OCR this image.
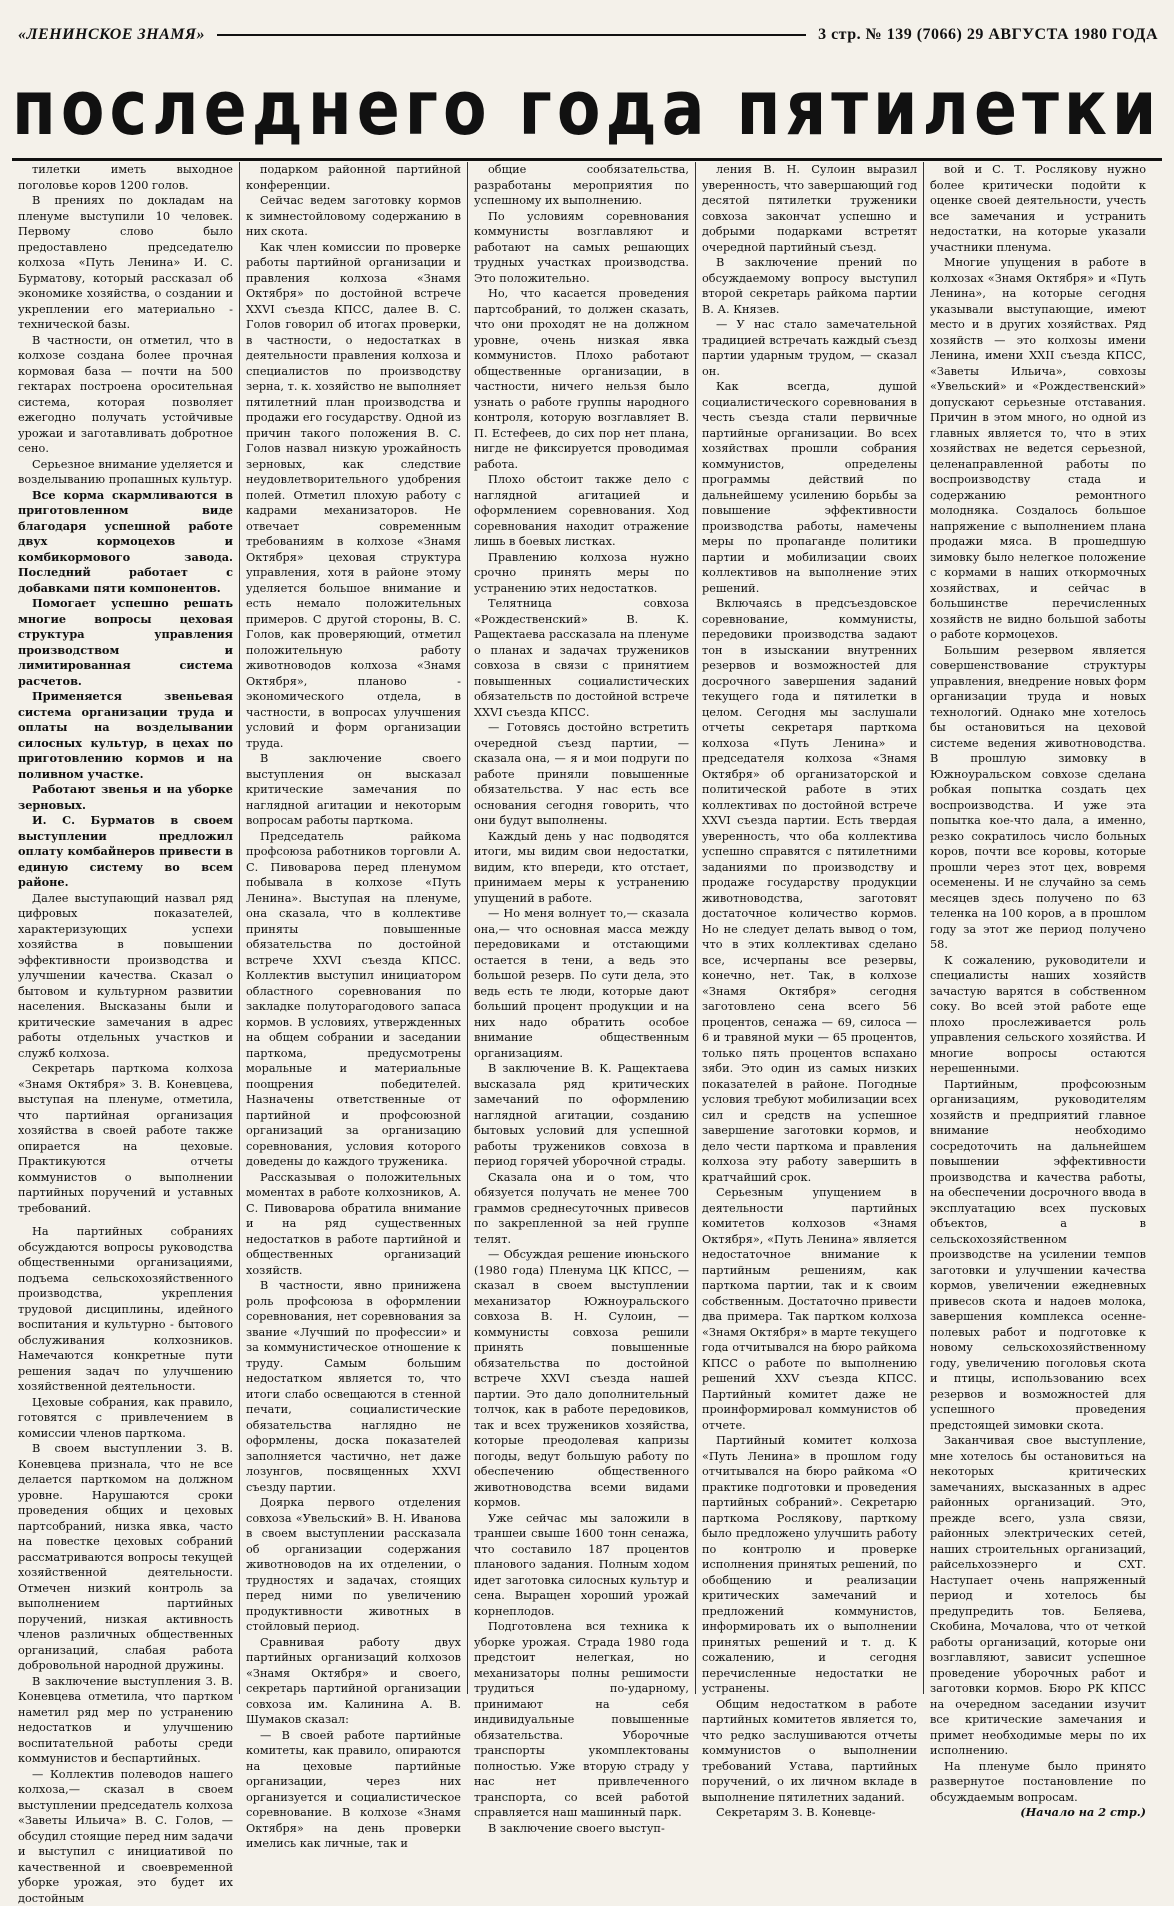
«ЛЕНИНСКОЕ ЗНАМЯ»	3 стр. № 139 (7066) 29 АВГУСТА 1980 ГОДА
последнего года пятилетки

тилетки иметь выходное поголовье коров 1200 голов.

В прениях по докладам на пленуме выступили 10 человек. Первому слово было предоставлено председателю колхоза «Путь Ленина» И. С. Бурматову, который рассказал об экономике хозяйства, о создании и укреплении его материально - технической базы.

В частности, он отметил, что в колхозе создана более прочная кормовая база — почти на 500 гектарах построена оросительная система, которая позволяет ежегодно получать устойчивые урожаи и заготавливать добротное сено.

Серьезное внимание уделяется и возделыванию пропашных культур.

Все корма скармливаются в приготовленном виде благодаря успешной работе двух кормоцехов и комбикормового завода. Последний работает с добавками пяти компонентов.

Помогает успешно решать многие вопросы цеховая структура управления производством и лимитированная система расчетов.

Применяется звеньевая система организации труда и оплаты на возделывании силосных культур, в цехах по приготовлению кормов и на поливном участке.

Работают звенья и на уборке зерновых.

И. С. Бурматов в своем выступлении предложил оплату комбайнеров привести в единую систему во всем районе.

Далее выступающий назвал ряд цифровых показателей, характеризующих успехи хозяйства в повышении эффективности производства и улучшении качества. Сказал о бытовом и культурном развитии населения. Высказаны были и критические замечания в адрес работы отдельных участков и служб колхоза.

Секретарь парткома колхоза «Знамя Октября» З. В. Коневцева, выступая на пленуме, отметила, что партийная организация хозяйства в своей работе также опирается на цеховые. Практикуются отчеты коммунистов о выполнении партийных поручений и уставных требований.

На партийных собраниях обсуждаются вопросы руководства общественными организациями, подъема сельскохозяйственного производства, укрепления трудовой дисциплины, идейного воспитания и культурно - бытового обслуживания колхозников. Намечаются конкретные пути решения задач по улучшению хозяйственной деятельности.

Цеховые собрания, как правило, готовятся с привлечением в комиссии членов парткома.

В своем выступлении З. В. Коневцева признала, что не все делается парткомом на должном уровне. Нарушаются сроки проведения общих и цеховых партсобраний, низка явка, часто на повестке цеховых собраний рассматриваются вопросы текущей хозяйственной деятельности. Отмечен низкий контроль за выполнением партийных поручений, низкая активность членов различных общественных организаций, слабая работа добровольной народной дружины.

В заключение выступления З. В. Коневцева отметила, что партком наметил ряд мер по устранению недостатков и улучшению воспитательной работы среди коммунистов и беспартийных.

— Коллектив полеводов нашего колхоза,— сказал в своем выступлении председатель колхоза «Заветы Ильича» В. С. Голов, — обсудил стоящие перед ним задачи и выступил с инициативой по качественной и своевременной уборке урожая, это будет их достойным

подарком районной партийной конференции.

Сейчас ведем заготовку кормов к зимнестойловому содержанию в них скота.

Как член комиссии по проверке работы партийной организации и правления колхоза «Знамя Октября» по достойной встрече XXVI съезда КПСС, далее В. С. Голов говорил об итогах проверки, в частности, о недостатках в деятельности правления колхоза и специалистов по производству зерна, т. к. хозяйство не выполняет пятилетний план производства и продажи его государству. Одной из причин такого положения В. С. Голов назвал низкую урожайность зерновых, как следствие неудовлетворительного удобрения полей. Отметил плохую работу с кадрами механизаторов. Не отвечает современным требованиям в колхозе «Знамя Октября» цеховая структура управления, хотя в районе этому уделяется большое внимание и есть немало положительных примеров. С другой стороны, В. С. Голов, как проверяющий, отметил положительную работу животноводов колхоза «Знамя Октября», планово - экономического отдела, в частности, в вопросах улучшения условий и форм организации труда.

В заключение своего выступления он высказал критические замечания по наглядной агитации и некоторым вопросам работы парткома.

Председатель райкома профсоюза работников торговли А. С. Пивоварова перед пленумом побывала в колхозе «Путь Ленина». Выступая на пленуме, она сказала, что в коллективе приняты повышенные обязательства по достойной встрече XXVI съезда КПСС. Коллектив выступил инициатором областного соревнования по закладке полуторагодового запаса кормов. В условиях, утвержденных на общем собрании и заседании парткома, предусмотрены моральные и материальные поощрения победителей. Назначены ответственные от партийной и профсоюзной организаций за организацию соревнования, условия которого доведены до каждого труженика.

Рассказывая о положительных моментах в работе колхозников, А. С. Пивоварова обратила внимание и на ряд существенных недостатков в работе партийной и общественных организаций хозяйств.

В частности, явно принижена роль профсоюза в оформлении соревнования, нет соревнования за звание «Лучший по профессии» и за коммунистическое отношение к труду. Самым большим недостатком является то, что итоги слабо освещаются в стенной печати, социалистические обязательства наглядно не оформлены, доска показателей заполняется частично, нет даже лозунгов, посвященных XXVI съезду партии.

Доярка первого отделения совхоза «Увельский» В. Н. Иванова в своем выступлении рассказала об организации содержания животноводов на их отделении, о трудностях и задачах, стоящих перед ними по увеличению продуктивности животных в стойловый период.

Сравнивая работу двух партийных организаций колхозов «Знамя Октября» и своего, секретарь партийной организации совхоза им. Калинина А. В. Шумаков сказал:

— В своей работе партийные комитеты, как правило, опираются на цеховые партийные организации, через них организуется и социалистическое соревнование. В колхозе «Знамя Октября» на день проверки имелись как личные, так и

общие сообязательства, разработаны мероприятия по успешному их выполнению.

По условиям соревнования коммунисты возглавляют и работают на самых решающих трудных участках производства. Это положительно.

Но, что касается проведения партсобраний, то должен сказать, что они проходят не на должном уровне, очень низкая явка коммунистов. Плохо работают общественные организации, в частности, ничего нельзя было узнать о работе группы народного контроля, которую возглавляет В. П. Естефеев, до сих пор нет плана, нигде не фиксируется проводимая работа.

Плохо обстоит также дело с наглядной агитацией и оформлением соревнования. Ход соревнования находит отражение лишь в боевых листках.

Правлению колхоза нужно срочно принять меры по устранению этих недостатков.

Телятница совхоза «Рождественский» В. К. Ращектаева рассказала на пленуме о планах и задачах тружеников совхоза в связи с принятием повышенных социалистических обязательств по достойной встрече XXVI съезда КПСС.

— Готовясь достойно встретить очередной съезд партии, — сказала она, — я и мои подруги по работе приняли повышенные обязательства. У нас есть все основания сегодня говорить, что они будут выполнены.

Каждый день у нас подводятся итоги, мы видим свои недостатки, видим, кто впереди, кто отстает, принимаем меры к устранению упущений в работе.

— Но меня волнует то,— сказала она,— что основная масса между передовиками и отстающими остается в тени, а ведь это большой резерв. По сути дела, это ведь есть те люди, которые дают больший процент продукции и на них надо обратить особое внимание общественным организациям.

В заключение В. К. Ращектаева высказала ряд критических замечаний по оформлению наглядной агитации, созданию бытовых условий для успешной работы тружеников совхоза в период горячей уборочной страды.

Сказала она и о том, что обязуется получать не менее 700 граммов среднесуточных привесов по закрепленной за ней группе телят.

— Обсуждая решение июньского (1980 года) Пленума ЦК КПСС, — сказал в своем выступлении механизатор Южноуральского совхоза В. Н. Сулоин, — коммунисты совхоза решили принять повышенные обязательства по достойной встрече XXVI съезда нашей партии. Это дало дополнительный толчок, как в работе передовиков, так и всех тружеников хозяйства, которые преодолевая капризы погоды, ведут большую работу по обеспечению общественного животноводства всеми видами кормов.

Уже сейчас мы заложили в траншеи свыше 1600 тонн сенажа, что составило 187 процентов планового задания. Полным ходом идет заготовка силосных культур и сена. Выращен хороший урожай корнеплодов.

Подготовлена вся техника к уборке урожая. Страда 1980 года предстоит нелегкая, но механизаторы полны решимости трудиться по-ударному, принимают на себя индивидуальные повышенные обязательства. Уборочные транспорты укомплектованы полностью. Уже вторую страду у нас нет привлеченного транспорта, со всей работой справляется наш машинный парк.

В заключение своего выступ-

ления В. Н. Сулоин выразил уверенность, что завершающий год десятой пятилетки труженики совхоза закончат успешно и добрыми подарками встретят очередной партийный съезд.

В заключение прений по обсуждаемому вопросу выступил второй секретарь райкома партии В. А. Князев.

— У нас стало замечательной традицией встречать каждый съезд партии ударным трудом, — сказал он.

Как всегда, душой социалистического соревнования в честь съезда стали первичные партийные организации. Во всех хозяйствах прошли собрания коммунистов, определены программы действий по дальнейшему усилению борьбы за повышение эффективности производства работы, намечены меры по пропаганде политики партии и мобилизации своих коллективов на выполнение этих решений.

Включаясь в предсъездовское соревнование, коммунисты, передовики производства задают тон в изыскании внутренних резервов и возможностей для досрочного завершения заданий текущего года и пятилетки в целом. Сегодня мы заслушали отчеты секретаря парткома колхоза «Путь Ленина» и председателя колхоза «Знамя Октября» об организаторской и политической работе в этих коллективах по достойной встрече XXVI съезда партии. Есть твердая уверенность, что оба коллектива успешно справятся с пятилетними заданиями по производству и продаже государству продукции животноводства, заготовят достаточное количество кормов. Но не следует делать вывод о том, что в этих коллективах сделано все, исчерпаны все резервы, конечно, нет. Так, в колхозе «Знамя Октября» сегодня заготовлено сена всего 56 процентов, сенажа — 69, силоса — 6 и травяной муки — 65 процентов, только пять процентов вспахано зяби. Это один из самых низких показателей в районе. Погодные условия требуют мобилизации всех сил и средств на успешное завершение заготовки кормов, и дело чести парткома и правления колхоза эту работу завершить в кратчайший срок.

Серьезным упущением в деятельности партийных комитетов колхозов «Знамя Октября», «Путь Ленина» является недостаточное внимание к партийным решениям, как парткома партии, так и к своим собственным. Достаточно привести два примера. Так партком колхоза «Знамя Октября» в марте текущего года отчитывался на бюро райкома КПСС о работе по выполнению решений XXV съезда КПСС. Партийный комитет даже не проинформировал коммунистов об отчете.

Партийный комитет колхоза «Путь Ленина» в прошлом году отчитывался на бюро райкома «О практике подготовки и проведения партийных собраний». Секретарю парткома Рослякову, парткому было предложено улучшить работу по контролю и проверке исполнения принятых решений, по обобщению и реализации критических замечаний и предложений коммунистов, информировать их о выполнении принятых решений и т. д. К сожалению, и сегодня перечисленные недостатки не устранены.

Общим недостатком в работе партийных комитетов является то, что редко заслушиваются отчеты коммунистов о выполнении требований Устава, партийных поручений, о их личном вкладе в выполнение пятилетних заданий.

Секретарям З. В. Коневце-

вой и С. Т. Рослякову нужно более критически подойти к оценке своей деятельности, учесть все замечания и устранить недостатки, на которые указали участники пленума.

Многие упущения в работе в колхозах «Знамя Октября» и «Путь Ленина», на которые сегодня указывали выступающие, имеют место и в других хозяйствах. Ряд хозяйств — это колхозы имени Ленина, имени XXII съезда КПСС, «Заветы Ильича», совхозы «Увельский» и «Рождественский» допускают серьезные отставания. Причин в этом много, но одной из главных является то, что в этих хозяйствах не ведется серьезной, целенаправленной работы по воспроизводству стада и содержанию ремонтного молодняка. Создалось большое напряжение с выполнением плана продажи мяса. В прошедшую зимовку было нелегкое положение с кормами в наших откормочных хозяйствах, и сейчас в большинстве перечисленных хозяйств не видно большой заботы о работе кормоцехов.

Большим резервом является совершенствование структуры управления, внедрение новых форм организации труда и новых технологий. Однако мне хотелось бы остановиться на цеховой системе ведения животноводства. В прошлую зимовку в Южноуральском совхозе сделана робкая попытка создать цех воспроизводства. И уже эта попытка кое-что дала, а именно, резко сократилось число больных коров, почти все коровы, которые прошли через этот цех, вовремя осеменены. И не случайно за семь месяцев здесь получено по 63 теленка на 100 коров, а в прошлом году за этот же период получено 58.

К сожалению, руководители и специалисты наших хозяйств зачастую варятся в собственном соку. Во всей этой работе еще плохо прослеживается роль управления сельского хозяйства. И многие вопросы остаются нерешенными.

Партийным, профсоюзным организациям, руководителям хозяйств и предприятий главное внимание необходимо сосредоточить на дальнейшем повышении эффективности производства и качества работы, на обеспечении досрочного ввода в эксплуатацию всех пусковых объектов, а в сельскохозяйственном производстве на усилении темпов заготовки и улучшении качества кормов, увеличении ежедневных привесов скота и надоев молока, завершения комплекса осенне-полевых работ и подготовке к новому сельскохозяйственному году, увеличению поголовья скота и птицы, использованию всех резервов и возможностей для успешного проведения предстоящей зимовки скота.

Заканчивая свое выступление, мне хотелось бы остановиться на некоторых критических замечаниях, высказанных в адрес районных организаций. Это, прежде всего, узла связи, районных электрических сетей, наших строительных организаций, райсельхозэнерго и СХТ. Наступает очень напряженный период и хотелось бы предупредить тов. Беляева, Скобина, Мочалова, что от четкой работы организаций, которые они возглавляют, зависит успешное проведение уборочных работ и заготовки кормов. Бюро РК КПСС на очередном заседании изучит все критические замечания и примет необходимые меры по их исполнению.

На пленуме было принято развернутое постановление по обсуждаемым вопросам.

(Начало на 2 стр.)
